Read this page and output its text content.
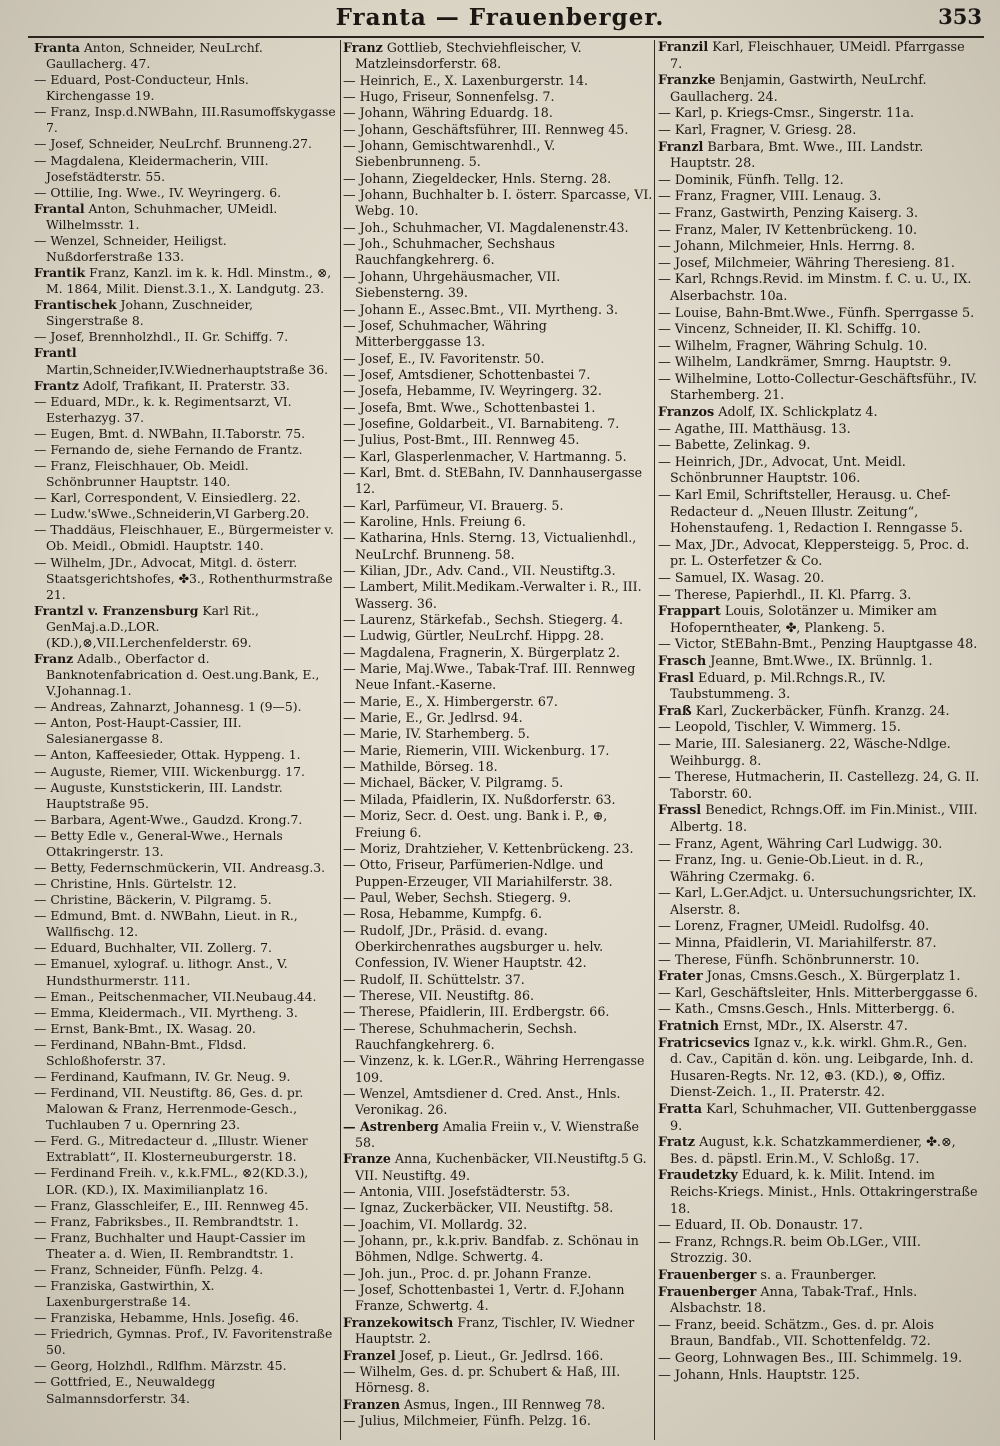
Franta — Frauenberger.	353

Franta Anton, Schneider, NeuLrchf. Gaullacherg. 47.

— Eduard, Post-Conducteur, Hnls. Kirchengasse 19.

— Franz, Insp.d.NWBahn, III.Rasumoffskygasse 7.

— Josef, Schneider, NeuLrchf. Brunneng.27.

— Magdalena, Kleidermacherin, VIII. Josefstädterstr. 55.

— Ottilie, Ing. Wwe., IV. Weyringerg. 6.

Frantal Anton, Schuhmacher, UMeidl. Wilhelmsstr. 1.

— Wenzel, Schneider, Heiligst. Nußdorferstraße 133.

Frantik Franz, Kanzl. im k. k. Hdl. Minstm., ⊗, M. 1864, Milit. Dienst.3.1., X. Landgutg. 23.

Frantischek Johann, Zuschneider, Singerstraße 8.

— Josef, Brennholzhdl., II. Gr. Schiffg. 7.

Frantl Martin,Schneider,IV.Wiednerhauptstraße 36.

Frantz Adolf, Trafikant, II. Praterstr. 33.

— Eduard, MDr., k. k. Regimentsarzt, VI. Esterhazyg. 37.

— Eugen, Bmt. d. NWBahn, II.Taborstr. 75.

— Fernando de, siehe Fernando de Frantz.

— Franz, Fleischhauer, Ob. Meidl. Schönbrunner Hauptstr. 140.

— Karl, Correspondent, V. Einsiedlerg. 22.

— Ludw.'sWwe.,Schneiderin,VI Garberg.20.

— Thaddäus, Fleischhauer, E., Bürgermeister v. Ob. Meidl., Obmidl. Hauptstr. 140.

— Wilhelm, JDr., Advocat, Mitgl. d. österr. Staatsgerichtshofes, ✤3., Rothenthurmstraße 21.

Frantzl v. Franzensburg Karl Rit., GenMaj.a.D.,LOR.(KD.),⊗,VII.Lerchenfelderstr. 69.

Franz Adalb., Oberfactor d. Banknotenfabrication d. Oest.ung.Bank, E., V.Johannag.1.

— Andreas, Zahnarzt, Johannesg. 1 (9—5).

— Anton, Post-Haupt-Cassier, III. Salesianergasse 8.

— Anton, Kaffeesieder, Ottak. Hyppeng. 1.

— Auguste, Riemer, VIII. Wickenburgg. 17.

— Auguste, Kunststickerin, III. Landstr. Hauptstraße 95.

— Barbara, Agent-Wwe., Gaudzd. Krong.7.

— Betty Edle v., General-Wwe., Hernals Ottakringerstr. 13.

— Betty, Federnschmückerin, VII. Andreasg.3.

— Christine, Hnls. Gürtelstr. 12.

— Christine, Bäckerin, V. Pilgramg. 5.

— Edmund, Bmt. d. NWBahn, Lieut. in R., Wallfischg. 12.

— Eduard, Buchhalter, VII. Zollerg. 7.

— Emanuel, xylograf. u. lithogr. Anst., V. Hundsthurmerstr. 111.

— Eman., Peitschenmacher, VII.Neubaug.44.

— Emma, Kleidermach., VII. Myrtheng. 3.

— Ernst, Bank-Bmt., IX. Wasag. 20.

— Ferdinand, NBahn-Bmt., Fldsd. Schloßhoferstr. 37.

— Ferdinand, Kaufmann, IV. Gr. Neug. 9.

— Ferdinand, VII. Neustiftg. 86, Ges. d. pr. Malowan & Franz, Herrenmode-Gesch., Tuchlauben 7 u. Opernring 23.

— Ferd. G., Mitredacteur d. „Illustr. Wiener Extrablatt“, II. Klosterneuburgerstr. 18.

— Ferdinand Freih. v., k.k.FML., ⊗2(KD.3.), LOR. (KD.), IX. Maximilianplatz 16.

— Franz, Glasschleifer, E., III. Rennweg 45.

— Franz, Fabriksbes., II. Rembrandtstr. 1.

— Franz, Buchhalter und Haupt-Cassier im Theater a. d. Wien, II. Rembrandtstr. 1.

— Franz, Schneider, Fünfh. Pelzg. 4.

— Franziska, Gastwirthin, X. Laxenburgerstraße 14.

— Franziska, Hebamme, Hnls. Josefig. 46.

— Friedrich, Gymnas. Prof., IV. Favoritenstraße 50.

— Georg, Holzhdl., Rdlfhm. Märzstr. 45.

— Gottfried, E., Neuwaldegg Salmannsdorferstr. 34.

Franz Gottlieb, Stechviehfleischer, V. Matzleinsdorferstr. 68.

— Heinrich, E., X. Laxenburgerstr. 14.

— Hugo, Friseur, Sonnenfelsg. 7.

— Johann, Währing Eduardg. 18.

— Johann, Geschäftsführer, III. Rennweg 45.

— Johann, Gemischtwarenhdl., V. Siebenbrunneng. 5.

— Johann, Ziegeldecker, Hnls. Sterng. 28.

— Johann, Buchhalter b. I. österr. Sparcasse, VI. Webg. 10.

— Joh., Schuhmacher, VI. Magdalenenstr.43.

— Joh., Schuhmacher, Sechshaus Rauchfangkehrerg. 6.

— Johann, Uhrgehäusmacher, VII. Siebensterng. 39.

— Johann E., Assec.Bmt., VII. Myrtheng. 3.

— Josef, Schuhmacher, Währing Mitterberggasse 13.

— Josef, E., IV. Favoritenstr. 50.

— Josef, Amtsdiener, Schottenbastei 7.

— Josefa, Hebamme, IV. Weyringerg. 32.

— Josefa, Bmt. Wwe., Schottenbastei 1.

— Josefine, Goldarbeit., VI. Barnabiteng. 7.

— Julius, Post-Bmt., III. Rennweg 45.

— Karl, Glasperlenmacher, V. Hartmanng. 5.

— Karl, Bmt. d. StEBahn, IV. Dannhausergasse 12.

— Karl, Parfümeur, VI. Brauerg. 5.

— Karoline, Hnls. Freiung 6.

— Katharina, Hnls. Sterng. 13, Victualienhdl., NeuLrchf. Brunneng. 58.

— Kilian, JDr., Adv. Cand., VII. Neustiftg.3.

— Lambert, Milit.Medikam.-Verwalter i. R., III. Wasserg. 36.

— Laurenz, Stärkefab., Sechsh. Stiegerg. 4.

— Ludwig, Gürtler, NeuLrchf. Hippg. 28.

— Magdalena, Fragnerin, X. Bürgerplatz 2.

— Marie, Maj.Wwe., Tabak-Traf. III. Rennweg Neue Infant.-Kaserne.

— Marie, E., X. Himbergerstr. 67.

— Marie, E., Gr. Jedlrsd. 94.

— Marie, IV. Starhemberg. 5.

— Marie, Riemerin, VIII. Wickenburg. 17.

— Mathilde, Börseg. 18.

— Michael, Bäcker, V. Pilgramg. 5.

— Milada, Pfaidlerin, IX. Nußdorferstr. 63.

— Moriz, Secr. d. Oest. ung. Bank i. P., ⊕, Freiung 6.

— Moriz, Drahtzieher, V. Kettenbrückeng. 23.

— Otto, Friseur, Parfümerien-Ndlge. und Puppen-Erzeuger, VII Mariahilferstr. 38.

— Paul, Weber, Sechsh. Stiegerg. 9.

— Rosa, Hebamme, Kumpfg. 6.

— Rudolf, JDr., Präsid. d. evang. Oberkirchenrathes augsburger u. helv. Confession, IV. Wiener Hauptstr. 42.

— Rudolf, II. Schüttelstr. 37.

— Therese, VII. Neustiftg. 86.

— Therese, Pfaidlerin, III. Erdbergstr. 66.

— Therese, Schuhmacherin, Sechsh. Rauchfangkehrerg. 6.

— Vinzenz, k. k. LGer.R., Währing Herrengasse 109.

— Wenzel, Amtsdiener d. Cred. Anst., Hnls. Veronikag. 26.

— Astrenberg Amalia Freiin v., V. Wienstraße 58.

Franze Anna, Kuchenbäcker, VII.Neustiftg.5 G. VII. Neustiftg. 49.

— Antonia, VIII. Josefstädterstr. 53.

— Ignaz, Zuckerbäcker, VII. Neustiftg. 58.

— Joachim, VI. Mollardg. 32.

— Johann, pr., k.k.priv. Bandfab. z. Schönau in Böhmen, Ndlge. Schwertg. 4.

— Joh. jun., Proc. d. pr. Johann Franze.

— Josef, Schottenbastei 1, Vertr. d. F.Johann Franze, Schwertg. 4.

Franzekowitsch Franz, Tischler, IV. Wiedner Hauptstr. 2.

Franzel Josef, p. Lieut., Gr. Jedlrsd. 166.

— Wilhelm, Ges. d. pr. Schubert & Haß, III. Hörnesg. 8.

Franzen Asmus, Ingen., III Rennweg 78.

— Julius, Milchmeier, Fünfh. Pelzg. 16.

Franzil Karl, Fleischhauer, UMeidl. Pfarrgasse 7.

Franzke Benjamin, Gastwirth, NeuLrchf. Gaullacherg. 24.

— Karl, p. Kriegs-Cmsr., Singerstr. 11a.

— Karl, Fragner, V. Griesg. 28.

Franzl Barbara, Bmt. Wwe., III. Landstr. Hauptstr. 28.

— Dominik, Fünfh. Tellg. 12.

— Franz, Fragner, VIII. Lenaug. 3.

— Franz, Gastwirth, Penzing Kaiserg. 3.

— Franz, Maler, IV Kettenbrückeng. 10.

— Johann, Milchmeier, Hnls. Herrng. 8.

— Josef, Milchmeier, Währing Theresieng. 81.

— Karl, Rchngs.Revid. im Minstm. f. C. u. U., IX. Alserbachstr. 10a.

— Louise, Bahn-Bmt.Wwe., Fünfh. Sperrgasse 5.

— Vincenz, Schneider, II. Kl. Schiffg. 10.

— Wilhelm, Fragner, Währing Schulg. 10.

— Wilhelm, Landkrämer, Smrng. Hauptstr. 9.

— Wilhelmine, Lotto-Collectur-Geschäftsführ., IV. Starhemberg. 21.

Franzos Adolf, IX. Schlickplatz 4.

— Agathe, III. Matthäusg. 13.

— Babette, Zelinkag. 9.

— Heinrich, JDr., Advocat, Unt. Meidl. Schönbrunner Hauptstr. 106.

— Karl Emil, Schriftsteller, Herausg. u. Chef-Redacteur d. „Neuen Illustr. Zeitung“, Hohenstaufeng. 1, Redaction I. Renngasse 5.

— Max, JDr., Advocat, Kleppersteigg. 5, Proc. d. pr. L. Osterfetzer & Co.

— Samuel, IX. Wasag. 20.

— Therese, Papierhdl., II. Kl. Pfarrg. 3.

Frappart Louis, Solotänzer u. Mimiker am Hofoperntheater, ✤, Plankeng. 5.

— Victor, StEBahn-Bmt., Penzing Hauptgasse 48.

Frasch Jeanne, Bmt.Wwe., IX. Brünnlg. 1.

Frasl Eduard, p. Mil.Rchngs.R., IV. Taubstummeng. 3.

Fraß Karl, Zuckerbäcker, Fünfh. Kranzg. 24.

— Leopold, Tischler, V. Wimmerg. 15.

— Marie, III. Salesianerg. 22, Wäsche-Ndlge. Weihburgg. 8.

— Therese, Hutmacherin, II. Castellezg. 24, G. II. Taborstr. 60.

Frassl Benedict, Rchngs.Off. im Fin.Minist., VIII. Albertg. 18.

— Franz, Agent, Währing Carl Ludwigg. 30.

— Franz, Ing. u. Genie-Ob.Lieut. in d. R., Währing Czermakg. 6.

— Karl, L.Ger.Adjct. u. Untersuchungsrichter, IX. Alserstr. 8.

— Lorenz, Fragner, UMeidl. Rudolfsg. 40.

— Minna, Pfaidlerin, VI. Mariahilferstr. 87.

— Therese, Fünfh. Schönbrunnerstr. 10.

Frater Jonas, Cmsns.Gesch., X. Bürgerplatz 1.

— Karl, Geschäftsleiter, Hnls. Mitterberggasse 6.

— Kath., Cmsns.Gesch., Hnls. Mitterbergg. 6.

Fratnich Ernst, MDr., IX. Alserstr. 47.

Fratricsevics Ignaz v., k.k. wirkl. Ghm.R., Gen. d. Cav., Capitän d. kön. ung. Leibgarde, Inh. d. Husaren-Regts. Nr. 12, ⊕3. (KD.), ⊗, Offiz. Dienst-Zeich. 1., II. Praterstr. 42.

Fratta Karl, Schuhmacher, VII. Guttenberggasse 9.

Fratz August, k.k. Schatzkammerdiener, ✤.⊗, Bes. d. päpstl. Erin.M., V. Schloßg. 17.

Fraudetzky Eduard, k. k. Milit. Intend. im Reichs-Kriegs. Minist., Hnls. Ottakringerstraße 18.

— Eduard, II. Ob. Donaustr. 17.

— Franz, Rchngs.R. beim Ob.LGer., VIII. Strozzig. 30.

Frauenberger s. a. Fraunberger.

Frauenberger Anna, Tabak-Traf., Hnls. Alsbachstr. 18.

— Franz, beeid. Schätzm., Ges. d. pr. Alois Braun, Bandfab., VII. Schottenfeldg. 72.

— Georg, Lohnwagen Bes., III. Schimmelg. 19.

— Johann, Hnls. Hauptstr. 125.
